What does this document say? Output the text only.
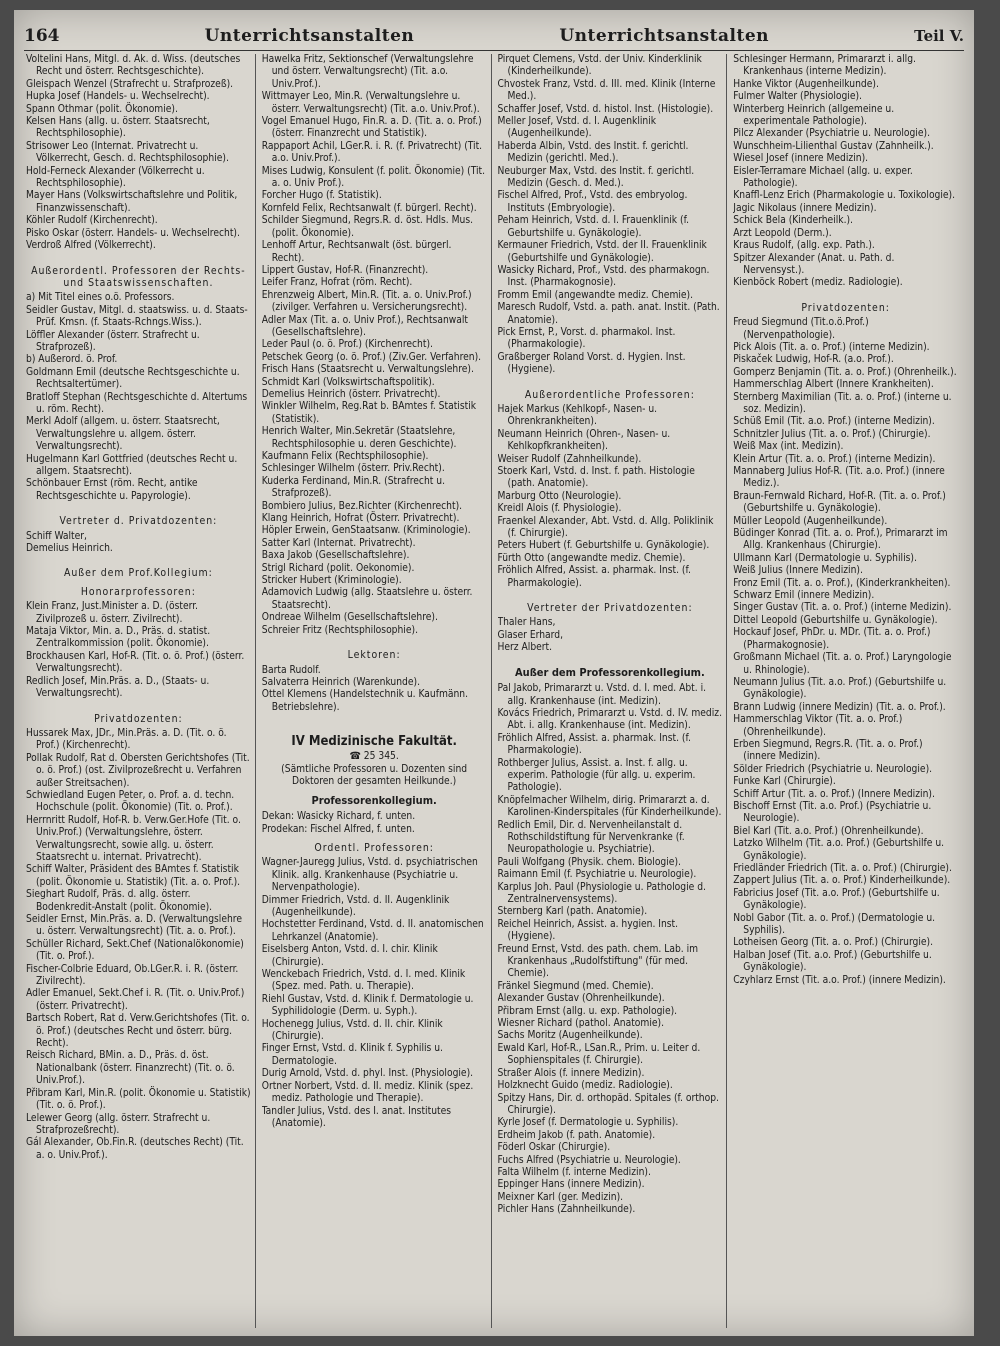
164	Unterrichtsanstalten	Unterrichtsanstalten	Teil V.
Voltelini Hans, Mitgl. d. Ak. d. Wiss. (deutsches Recht und österr. Rechtsgeschichte).
Gleispach Wenzel (Strafrecht u. Strafprozeß).
Hupka Josef (Handels- u. Wechselrecht).
Spann Othmar (polit. Ökonomie).
Kelsen Hans (allg. u. österr. Staatsrecht, Rechtsphilosophie).
Strisower Leo (Internat. Privatrecht u. Völkerrecht, Gesch. d. Rechtsphilosophie).
Hold-Ferneck Alexander (Völkerrecht u. Rechtsphilosophie).
Mayer Hans (Volkswirtschaftslehre und Politik, Finanzwissenschaft).
Köhler Rudolf (Kirchenrecht).
Pisko Oskar (österr. Handels- u. Wechselrecht).
Verdroß Alfred (Völkerrecht).
Außerordentl. Professoren der Rechts- und Staatswissenschaften.
a) Mit Titel eines o.ö. Professors.
Seidler Gustav, Mitgl. d. staatswiss. u. d. Staats-Prüf. Kmsn. (f. Staats-Rchngs.Wiss.).
Löffler Alexander (österr. Strafrecht u. Strafprozeß).
b) Außerord. ö. Prof.
Goldmann Emil (deutsche Rechtsgeschichte u. Rechtsaltertümer).
Bratloff Stephan (Rechtsgeschichte d. Altertums u. röm. Recht).
Merkl Adolf (allgem. u. österr. Staatsrecht, Verwaltungslehre u. allgem. österr. Verwaltungsrecht).
Hugelmann Karl Gottfried (deutsches Recht u. allgem. Staatsrecht).
Schönbauer Ernst (röm. Recht, antike Rechtsgeschichte u. Papyrologie).
Vertreter d. Privatdozenten:
Schiff Walter,
Demelius Heinrich.
Außer dem Prof.Kollegium:
Honorarprofessoren:
Klein Franz, Just.Minister a. D. (österr. Zivilprozeß u. österr. Zivilrecht).
Mataja Viktor, Min. a. D., Präs. d. statist. Zentralkommission (polit. Ökonomie).
Brockhausen Karl, Hof-R. (Tit. o. ö. Prof.) (österr. Verwaltungsrecht).
Redlich Josef, Min.Präs. a. D., (Staats- u. Verwaltungsrecht).
Privatdozenten:
Hussarek Max, JDr., Min.Präs. a. D. (Tit. o. ö. Prof.) (Kirchenrecht).
Pollak Rudolf, Rat d. Obersten Gerichtshofes (Tit. o. ö. Prof.) (ost. Zivilprozeßrecht u. Verfahren außer Streitsachen).
Schwiedland Eugen Peter, o. Prof. a. d. techn. Hochschule (polit. Ökonomie) (Tit. o. Prof.).
Herrnritt Rudolf, Hof-R. b. Verw.Ger.Hofe (Tit. o. Univ.Prof.) (Verwaltungslehre, österr. Verwaltungsrecht, sowie allg. u. österr. Staatsrecht u. internat. Privatrecht).
Schiff Walter, Präsident des BAmtes f. Statistik (polit. Ökonomie u. Statistik) (Tit. a. o. Prof.).
Sieghart Rudolf, Präs. d. allg. österr. Bodenkredit-Anstalt (polit. Ökonomie).
Seidler Ernst, Min.Präs. a. D. (Verwaltungslehre u. österr. Verwaltungsrecht) (Tit. a. o. Prof.).
Schüller Richard, Sekt.Chef (Nationalökonomie) (Tit. o. Prof.).
Fischer-Colbrie Eduard, Ob.LGer.R. i. R. (österr. Zivilrecht).
Adler Emanuel, Sekt.Chef i. R. (Tit. o. Univ.Prof.) (österr. Privatrecht).
Bartsch Robert, Rat d. Verw.Gerichtshofes (Tit. o. ö. Prof.) (deutsches Recht und österr. bürg. Recht).
Reisch Richard, BMin. a. D., Präs. d. öst. Nationalbank (österr. Finanzrecht) (Tit. o. ö. Univ.Prof.).
Přibram Karl, Min.R. (polit. Ökonomie u. Statistik) (Tit. o. ö. Prof.).
Lelewer Georg (allg. österr. Strafrecht u. Strafprozeßrecht).
Gál Alexander, Ob.Fin.R. (deutsches Recht) (Tit. a. o. Univ.Prof.).
Hawelka Fritz, Sektionschef (Verwaltungslehre und österr. Verwaltungsrecht) (Tit. a.o. Univ.Prof.).
Wittmayer Leo, Min.R. (Verwaltungslehre u. österr. Verwaltungsrecht) (Tit. a.o. Univ.Prof.).
Vogel Emanuel Hugo, Fin.R. a. D. (Tit. a. o. Prof.) (österr. Finanzrecht und Statistik).
Rappaport Achil, LGer.R. i. R. (f. Privatrecht) (Tit. a.o. Univ.Prof.).
Mises Ludwig, Konsulent (f. polit. Ökonomie) (Tit. a. o. Univ Prof.).
Forcher Hugo (f. Statistik).
Kornfeld Felix, Rechtsanwalt (f. bürgerl. Recht).
Schilder Siegmund, Regrs.R. d. öst. Hdls. Mus. (polit. Ökonomie).
Lenhoff Artur, Rechtsanwalt (öst. bürgerl. Recht).
Lippert Gustav, Hof-R. (Finanzrecht).
Leifer Franz, Hofrat (röm. Recht).
Ehrenzweig Albert, Min.R. (Tit. a. o. Univ.Prof.) (zivilger. Verfahren u. Versicherungsrecht).
Adler Max (Tit. a. o. Univ Prof.), Rechtsanwalt (Gesellschaftslehre).
Leder Paul (o. ö. Prof.) (Kirchenrecht).
Petschek Georg (o. ö. Prof.) (Ziv.Ger. Verfahren).
Frisch Hans (Staatsrecht u. Verwaltungslehre).
Schmidt Karl (Volkswirtschaftspolitik).
Demelius Heinrich (österr. Privatrecht).
Winkler Wilhelm, Reg.Rat b. BAmtes f. Statistik (Statistik).
Henrich Walter, Min.Sekretär (Staatslehre, Rechtsphilosophie u. deren Geschichte).
Kaufmann Felix (Rechtsphilosophie).
Schlesinger Wilhelm (österr. Priv.Recht).
Kuderka Ferdinand, Min.R. (Strafrecht u. Strafprozeß).
Bombiero Julius, Bez.Richter (Kirchenrecht).
Klang Heinrich, Hofrat (Österr. Privatrecht).
Höpler Erwein, GenStaatsanw. (Kriminologie).
Satter Karl (Internat. Privatrecht).
Baxa Jakob (Gesellschaftslehre).
Strigl Richard (polit. Oekonomie).
Stricker Hubert (Kriminologie).
Adamovich Ludwig (allg. Staatslehre u. österr. Staatsrecht).
Ondreae Wilhelm (Gesellschaftslehre).
Schreier Fritz (Rechtsphilosophie).
Lektoren:
Barta Rudolf.
Salvaterra Heinrich (Warenkunde).
Ottel Klemens (Handelstechnik u. Kaufmänn. Betriebslehre).
IV Medizinische Fakultät.
☎ 25 345.
(Sämtliche Professoren u. Dozenten sind Doktoren der gesamten Heilkunde.)
Professorenkollegium.
Dekan: Wasicky Richard, f. unten.
Prodekan: Fischel Alfred, f. unten.
Ordentl. Professoren:
Wagner-Jauregg Julius, Vstd. d. psychiatrischen Klinik. allg. Krankenhause (Psychiatrie u. Nervenpathologie).
Dimmer Friedrich, Vstd. d. II. Augenklinik (Augenheilkunde).
Hochstetter Ferdinand, Vstd. d. II. anatomischen Lehrkanzel (Anatomie).
Eiselsberg Anton, Vstd. d. I. chir. Klinik (Chirurgie).
Wenckebach Friedrich, Vstd. d. I. med. Klinik (Spez. med. Path. u. Therapie).
Riehl Gustav, Vstd. d. Klinik f. Dermatologie u. Syphilidologie (Derm. u. Syph.).
Hochenegg Julius, Vstd. d. II. chir. Klinik (Chirurgie).
Finger Ernst, Vstd. d. Klinik f. Syphilis u. Dermatologie.
Durig Arnold, Vstd. d. phyl. Inst. (Physiologie).
Ortner Norbert, Vstd. d. II. mediz. Klinik (spez. mediz. Pathologie und Therapie).
Tandler Julius, Vstd. des I. anat. Institutes (Anatomie).
Pirquet Clemens, Vstd. der Univ. Kinderklinik (Kinderheilkunde).
Chvostek Franz, Vstd. d. III. med. Klinik (Interne Med.).
Schaffer Josef, Vstd. d. histol. Inst. (Histologie).
Meller Josef, Vstd. d. I. Augenklinik (Augenheilkunde).
Haberda Albin, Vstd. des Instit. f. gerichtl. Medizin (gerichtl. Med.).
Neuburger Max, Vstd. des Instit. f. gerichtl. Medizin (Gesch. d. Med.).
Fischel Alfred, Prof., Vstd. des embryolog. Instituts (Embryologie).
Peham Heinrich, Vstd. d. I. Frauenklinik (f. Geburtshilfe u. Gynäkologie).
Kermauner Friedrich, Vstd. der II. Frauenklinik (Geburtshilfe und Gynäkologie).
Wasicky Richard, Prof., Vstd. des pharmakogn. Inst. (Pharmakognosie).
Fromm Emil (angewandte mediz. Chemie).
Maresch Rudolf, Vstd. a. path. anat. Instit. (Path. Anatomie).
Pick Ernst, P., Vorst. d. pharmakol. Inst. (Pharmakologie).
Graßberger Roland Vorst. d. Hygien. Inst. (Hygiene).
Außerordentliche Professoren:
Hajek Markus (Kehlkopf-, Nasen- u. Ohrenkrankheiten).
Neumann Heinrich (Ohren-, Nasen- u. Kehlkopfkrankheiten).
Weiser Rudolf (Zahnheilkunde).
Stoerk Karl, Vstd. d. Inst. f. path. Histologie (path. Anatomie).
Marburg Otto (Neurologie).
Kreidl Alois (f. Physiologie).
Fraenkel Alexander, Abt. Vstd. d. Allg. Poliklinik (f. Chirurgie).
Peters Hubert (f. Geburtshilfe u. Gynäkologie).
Fürth Otto (angewandte mediz. Chemie).
Fröhlich Alfred, Assist. a. pharmak. Inst. (f. Pharmakologie).
Vertreter der Privatdozenten:
Thaler Hans,
Glaser Erhard,
Herz Albert.
Außer dem Professorenkollegium.
Pal Jakob, Primararzt u. Vstd. d. I. med. Abt. i. allg. Krankenhause (int. Medizin).
Kovács Friedrich, Primararzt u. Vstd. d. IV. mediz. Abt. i. allg. Krankenhause (int. Medizin).
Fröhlich Alfred, Assist. a. pharmak. Inst. (f. Pharmakologie).
Rothberger Julius, Assist. a. Inst. f. allg. u. experim. Pathologie (für allg. u. experim. Pathologie).
Knöpfelmacher Wilhelm, dirig. Primararzt a. d. Karolinen-Kinderspitales (für Kinderheilkunde).
Redlich Emil, Dir. d. Nervenheilanstalt d. Rothschildstiftung für Nervenkranke (f. Neuropathologie u. Psychiatrie).
Pauli Wolfgang (Physik. chem. Biologie).
Raimann Emil (f. Psychiatrie u. Neurologie).
Karplus Joh. Paul (Physiologie u. Pathologie d. Zentralnervensystems).
Sternberg Karl (path. Anatomie).
Reichel Heinrich, Assist. a. hygien. Inst. (Hygiene).
Freund Ernst, Vstd. des path. chem. Lab. im Krankenhaus „Rudolfstiftung" (für med. Chemie).
Fränkel Siegmund (med. Chemie).
Alexander Gustav (Ohrenheilkunde).
Přibram Ernst (allg. u. exp. Pathologie).
Wiesner Richard (pathol. Anatomie).
Sachs Moritz (Augenheilkunde).
Ewald Karl, Hof-R., LSan.R., Prim. u. Leiter d. Sophienspitales (f. Chirurgie).
Straßer Alois (f. innere Medizin).
Holzknecht Guido (mediz. Radiologie).
Spitzy Hans, Dir. d. orthopäd. Spitales (f. orthop. Chirurgie).
Kyrle Josef (f. Dermatologie u. Syphilis).
Erdheim Jakob (f. path. Anatomie).
Föderl Oskar (Chirurgie).
Fuchs Alfred (Psychiatrie u. Neurologie).
Falta Wilhelm (f. interne Medizin).
Eppinger Hans (innere Medizin).
Meixner Karl (ger. Medizin).
Pichler Hans (Zahnheilkunde).
Schlesinger Hermann, Primararzt i. allg. Krankenhaus (interne Medizin).
Hanke Viktor (Augenheilkunde).
Fulmer Walter (Physiologie).
Winterberg Heinrich (allgemeine u. experimentale Pathologie).
Pilcz Alexander (Psychiatrie u. Neurologie).
Wunschheim-Lilienthal Gustav (Zahnheilk.).
Wiesel Josef (innere Medizin).
Eisler-Terramare Michael (allg. u. exper. Pathologie).
Knaffl-Lenz Erich (Pharmakologie u. Toxikologie).
Jagic Nikolaus (innere Medizin).
Schick Bela (Kinderheilk.).
Arzt Leopold (Derm.).
Kraus Rudolf, (allg. exp. Path.).
Spitzer Alexander (Anat. u. Path. d. Nervensyst.).
Kienböck Robert (mediz. Radiologie).
Privatdozenten:
Freud Siegmund (Tit.o.ö.Prof.) (Nervenpathologie).
Pick Alois (Tit. a. o. Prof.) (interne Medizin).
Piskaček Ludwig, Hof-R. (a.o. Prof.).
Gomperz Benjamin (Tit. a. o. Prof.) (Ohrenheilk.).
Hammerschlag Albert (Innere Krankheiten).
Sternberg Maximilian (Tit. a. o. Prof.) (interne u. soz. Medizin).
Schüß Emil (Tit. a.o. Prof.) (interne Medizin).
Schnitzler Julius (Tit. a. o. Prof.) (Chirurgie).
Weiß Max (int. Medizin).
Klein Artur (Tit. a. o. Prof.) (interne Medizin).
Mannaberg Julius Hof-R. (Tit. a.o. Prof.) (innere Mediz.).
Braun-Fernwald Richard, Hof-R. (Tit. a. o. Prof.) (Geburtshilfe u. Gynäkologie).
Müller Leopold (Augenheilkunde).
Büdinger Konrad (Tit. a. o. Prof.), Primararzt im Allg. Krankenhaus (Chirurgie).
Ullmann Karl (Dermatologie u. Syphilis).
Weiß Julius (Innere Medizin).
Fronz Emil (Tit. a. o. Prof.), (Kinderkrankheiten).
Schwarz Emil (innere Medizin).
Singer Gustav (Tit. a. o. Prof.) (interne Medizin).
Dittel Leopold (Geburtshilfe u. Gynäkologie).
Hockauf Josef, PhDr. u. MDr. (Tit. a. o. Prof.) (Pharmakognosie).
Großmann Michael (Tit. a. o. Prof.) Laryngologie u. Rhinologie).
Neumann Julius (Tit. a.o. Prof.) (Geburtshilfe u. Gynäkologie).
Brann Ludwig (innere Medizin) (Tit. a. o. Prof.).
Hammerschlag Viktor (Tit. a. o. Prof.) (Ohrenheilkunde).
Erben Siegmund, Regrs.R. (Tit. a. o. Prof.) (innere Medizin).
Sölder Friedrich (Psychiatrie u. Neurologie).
Funke Karl (Chirurgie).
Schiff Artur (Tit. a. o. Prof.) (Innere Medizin).
Bischoff Ernst (Tit. a.o. Prof.) (Psychiatrie u. Neurologie).
Biel Karl (Tit. a.o. Prof.) (Ohrenheilkunde).
Latzko Wilhelm (Tit. a.o. Prof.) (Geburtshilfe u. Gynäkologie).
Friedländer Friedrich (Tit. a. o. Prof.) (Chirurgie).
Zappert Julius (Tit. a. o. Prof.) Kinderheilkunde).
Fabricius Josef (Tit. a.o. Prof.) (Geburtshilfe u. Gynäkologie).
Nobl Gabor (Tit. a. o. Prof.) (Dermatologie u. Syphilis).
Lotheisen Georg (Tit. a. o. Prof.) (Chirurgie).
Halban Josef (Tit. a.o. Prof.) (Geburtshilfe u. Gynäkologie).
Czyhlarz Ernst (Tit. a.o. Prof.) (innere Medizin).
